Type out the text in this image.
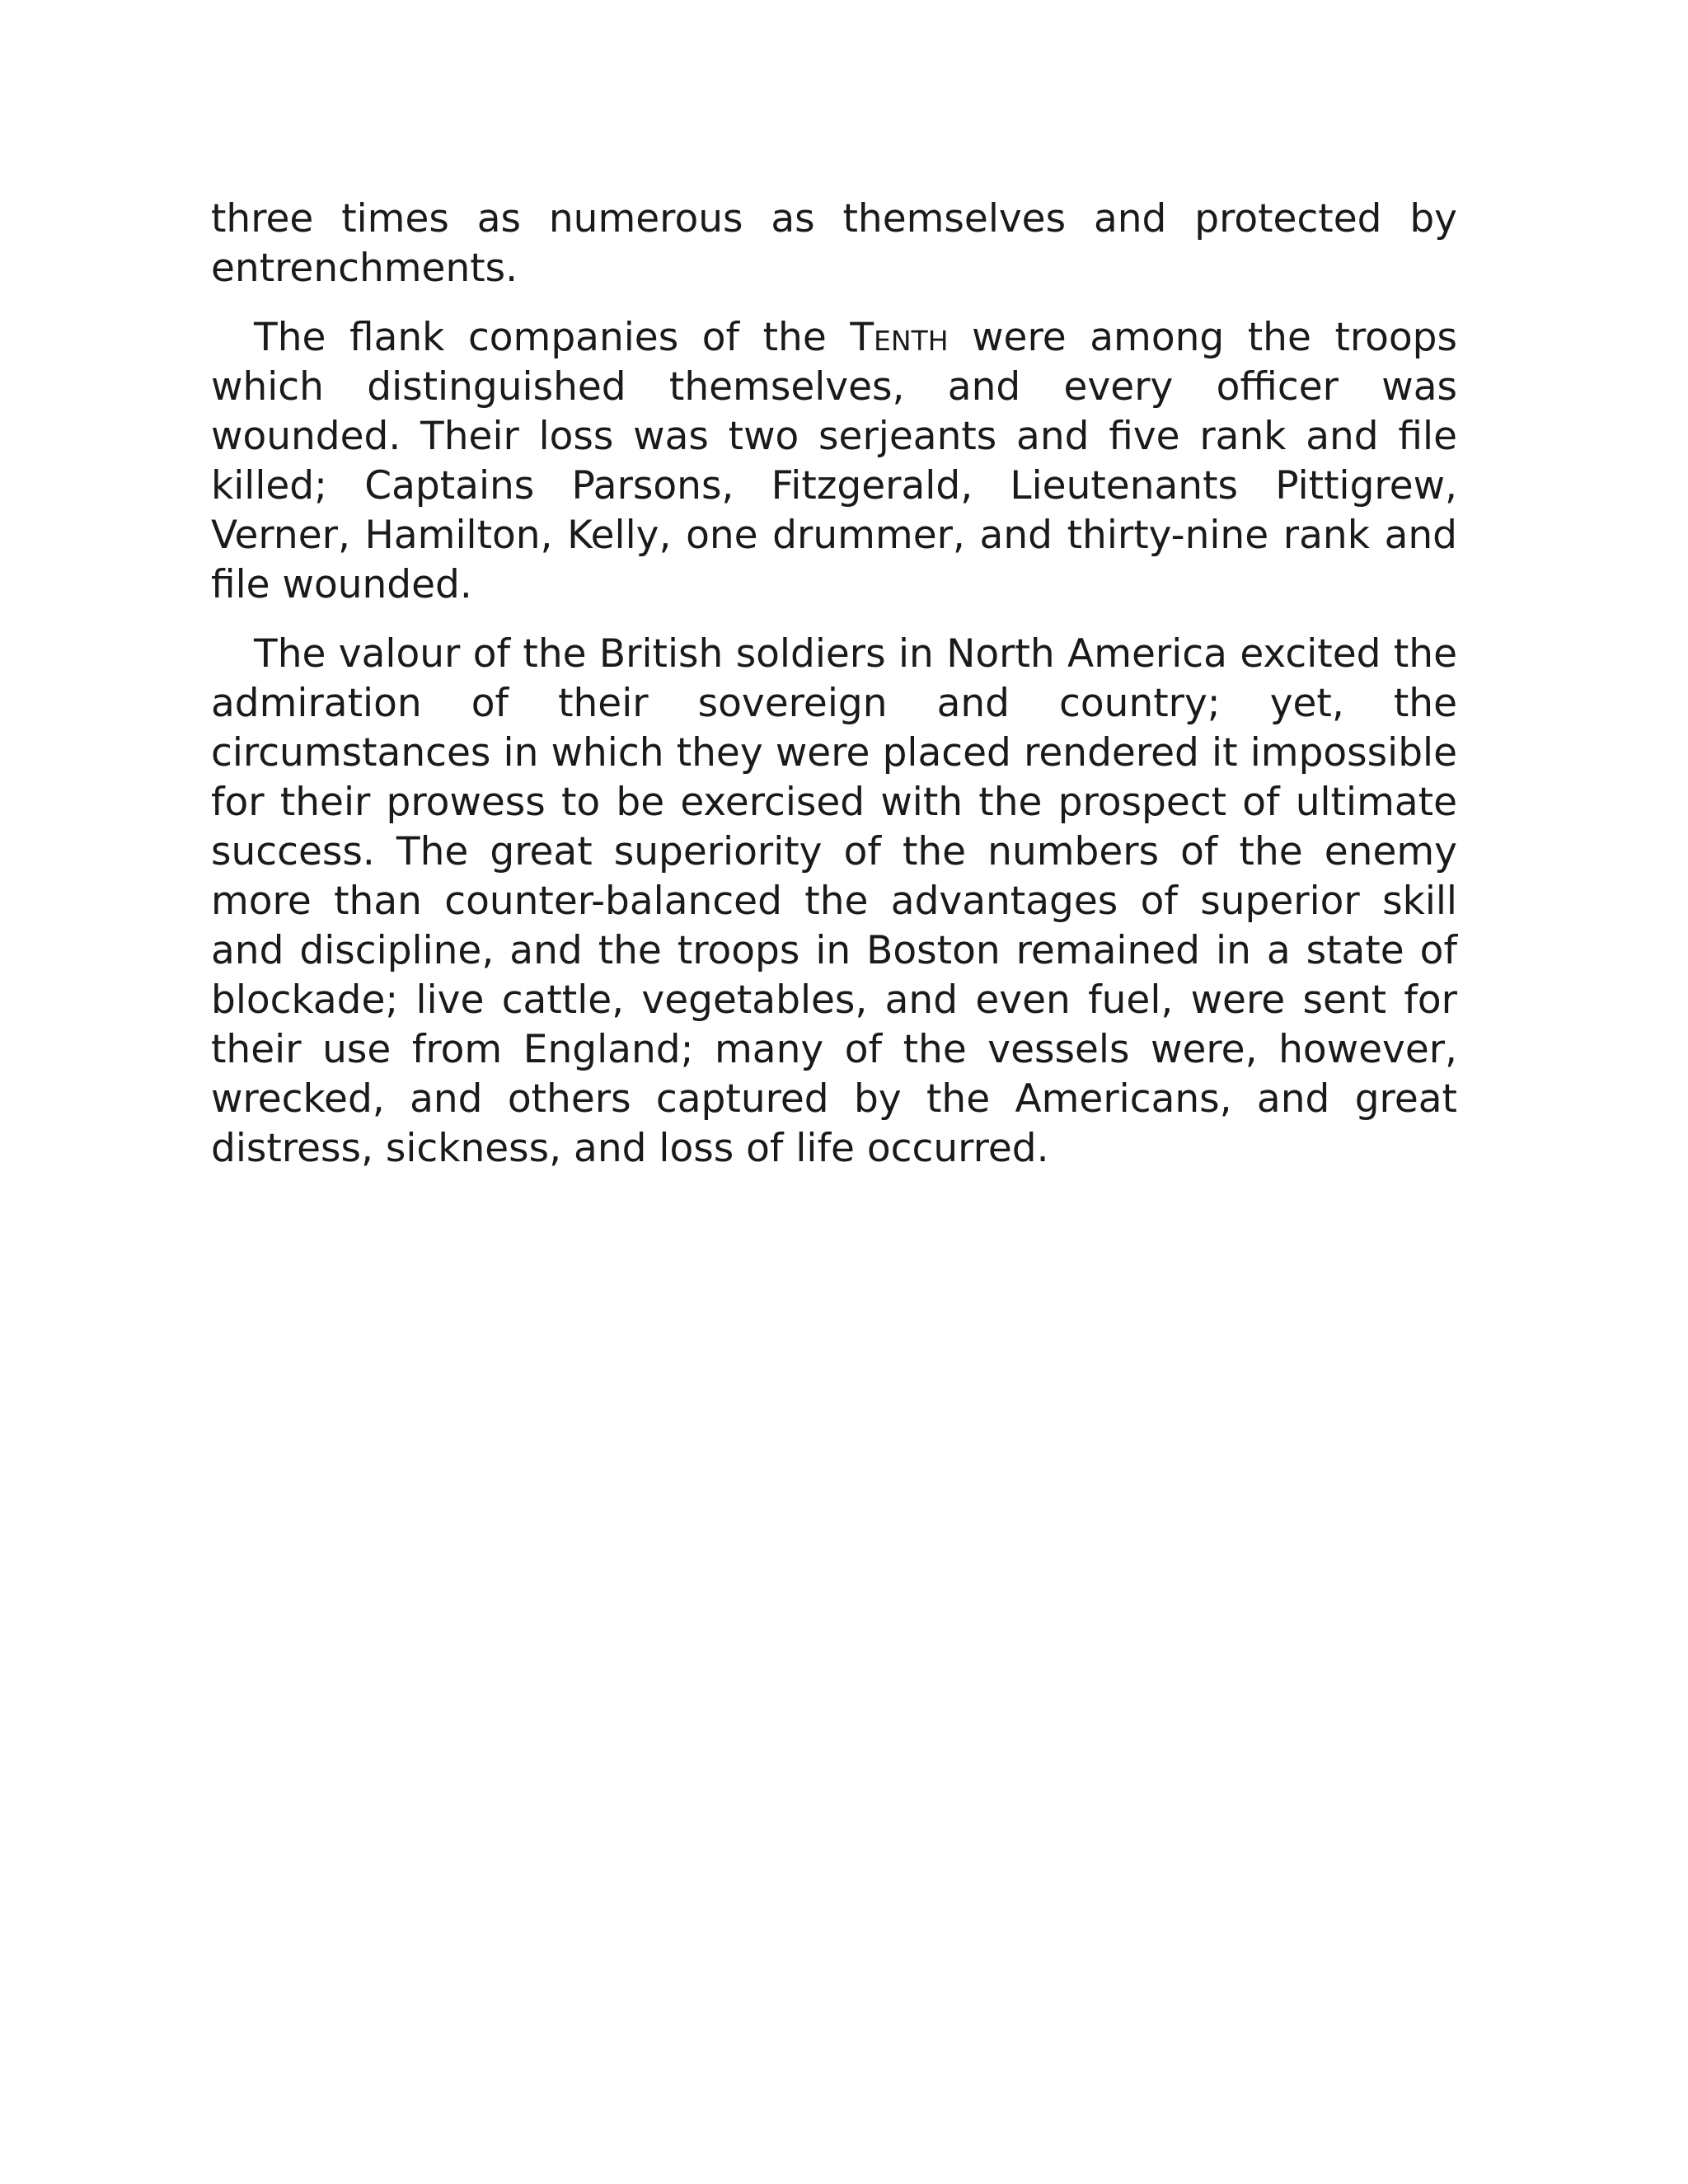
three times as numerous as themselves and protected by entrenchments.

The flank companies of the Tenth were among the troops which distinguished themselves, and every officer was wounded. Their loss was two serjeants and five rank and file killed; Captains Parsons, Fitzgerald, Lieutenants Pittigrew, Verner, Hamilton, Kelly, one drummer, and thirty-nine rank and file wounded.

The valour of the British soldiers in North America excited the admiration of their sovereign and country; yet, the circumstances in which they were placed rendered it impossible for their prowess to be exercised with the prospect of ultimate success. The great superiority of the numbers of the enemy more than counter-balanced the advantages of superior skill and discipline, and the troops in Boston remained in a state of blockade; live cattle, vegetables, and even fuel, were sent for their use from England; many of the vessels were, however, wrecked, and others captured by the Americans, and great distress, sickness, and loss of life occurred.
